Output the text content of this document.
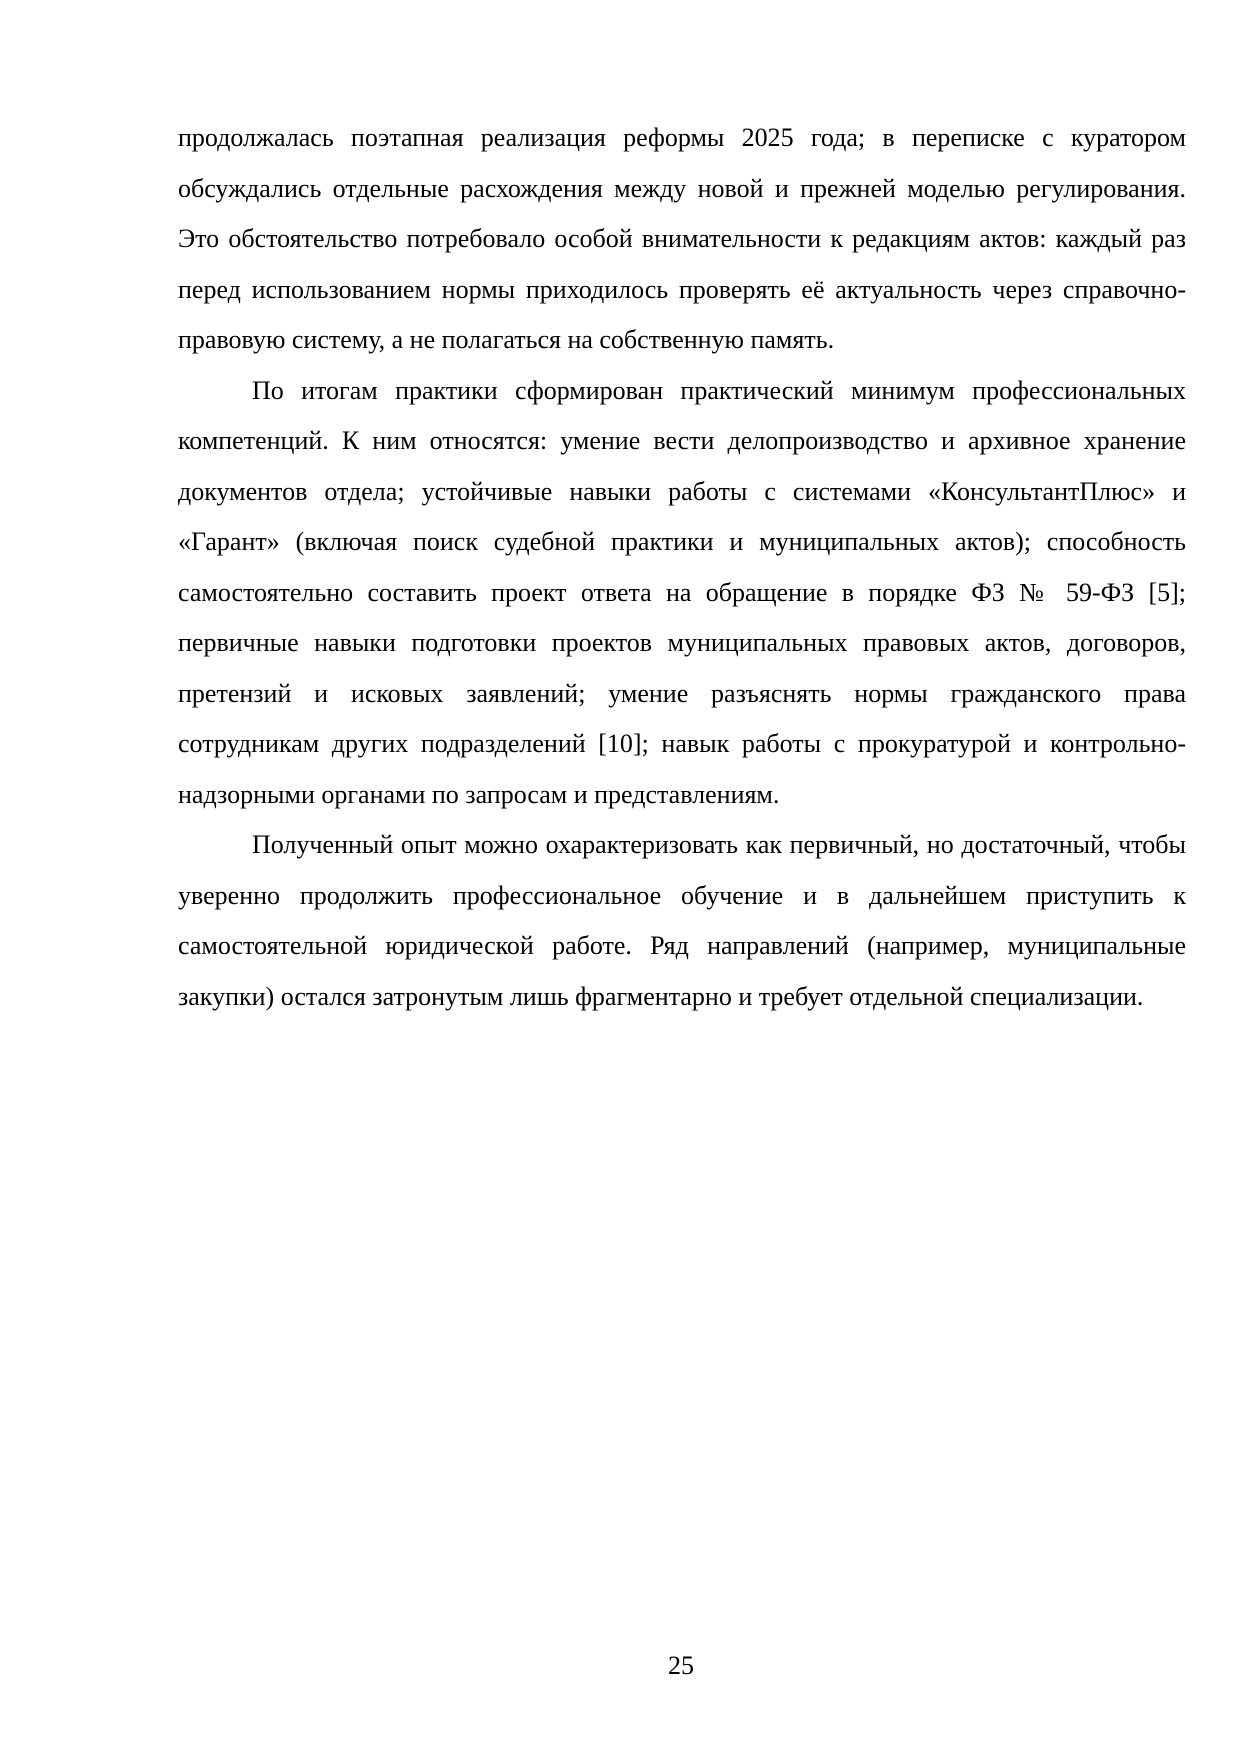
продолжалась поэтапная реализация реформы 2025 года; в переписке с куратором обсуждались отдельные расхождения между новой и прежней моделью регулирования. Это обстоятельство потребовало особой внимательности к редакциям актов: каждый раз перед использованием нормы приходилось проверять её актуальность через справочно-правовую систему, а не полагаться на собственную память.

По итогам практики сформирован практический минимум профессиональных компетенций. К ним относятся: умение вести делопроизводство и архивное хранение документов отдела; устойчивые навыки работы с системами «КонсультантПлюс» и «Гарант» (включая поиск судебной практики и муниципальных актов); способность самостоятельно составить проект ответа на обращение в порядке ФЗ № 59-ФЗ [5]; первичные навыки подготовки проектов муниципальных правовых актов, договоров, претензий и исковых заявлений; умение разъяснять нормы гражданского права сотрудникам других подразделений [10]; навык работы с прокуратурой и контрольно-надзорными органами по запросам и представлениям.

Полученный опыт можно охарактеризовать как первичный, но достаточный, чтобы уверенно продолжить профессиональное обучение и в дальнейшем приступить к самостоятельной юридической работе. Ряд направлений (например, муниципальные закупки) остался затронутым лишь фрагментарно и требует отдельной специализации.

25
